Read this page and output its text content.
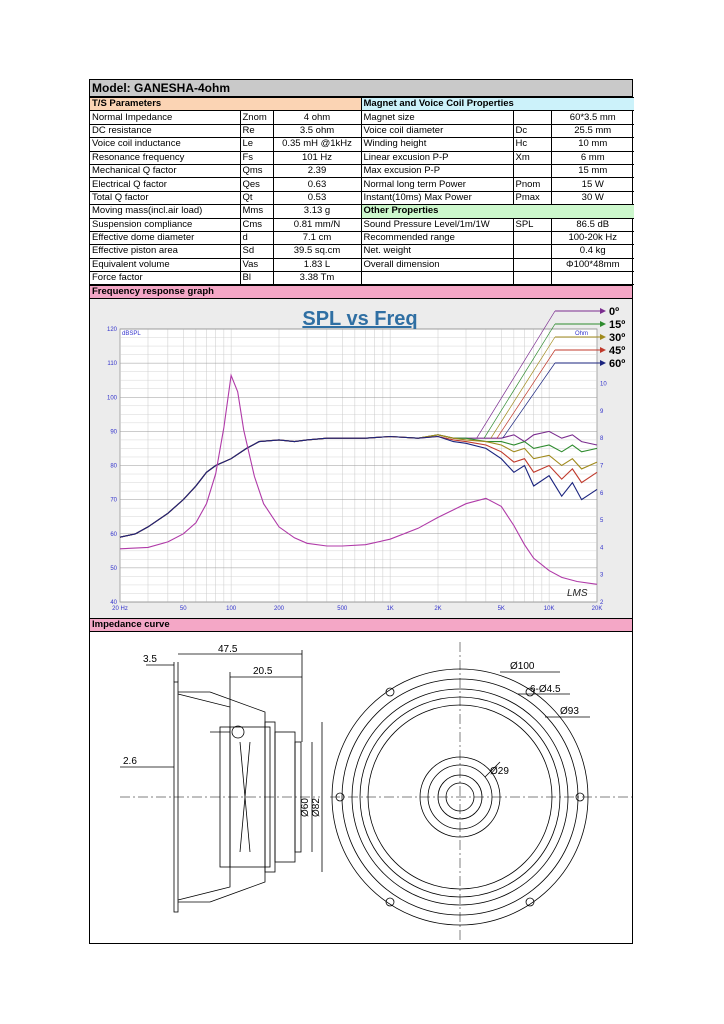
Model: GANESHA-4ohm
T/S Parameters			Magnet and Voice Coil Properties		
Normal Impedance	Znom	4 ohm	Magnet size		60*3.5 mm
DC resistance	Re	3.5 ohm	Voice coil diameter	Dc	25.5 mm
Voice coil inductance	Le	0.35 mH @1kHz	Winding height	Hc	10 mm
Resonance frequency	Fs	101 Hz	Linear excusion P-P	Xm	6 mm
Mechanical Q factor	Qms	2.39	Max excusion P-P		15 mm
Electrical Q factor	Qes	0.63	Normal long term Power	Pnom	15 W
Total Q factor	Qt	0.53	Instant(10ms) Max Power	Pmax	30 W
Moving mass(incl.air load)	Mms	3.13 g	Other Properties		
Suspension compliance	Cms	0.81 mm/N	Sound Pressure Level/1m/1W	SPL	86.5 dB
Effective dome diameter	d	7.1 cm	Recommended range		100-20k Hz
Effective piston area	Sd	39.5 sq.cm	Net. weight		0.4 kg
Equivalent volume	Vas	1.83 L	Overall dimension		Φ100*48mm
Force factor	Bl	3.38 Tm			
Frequency response graph
SPL vs Freq
dBSPL	Ohm
120
110
100
90
80
70
60
50
40
10
9
8
7
6
5
4
3
2
20 Hz	50	100	200	500	1K	2K	5K	10K	20K
LMS
0º
15º
30º
45º
60º
Impedance curve
3.5
47.5
20.5
2.6
Ø60 Ø82
Ø100
6-Ø4.5
Ø93
Ø29
